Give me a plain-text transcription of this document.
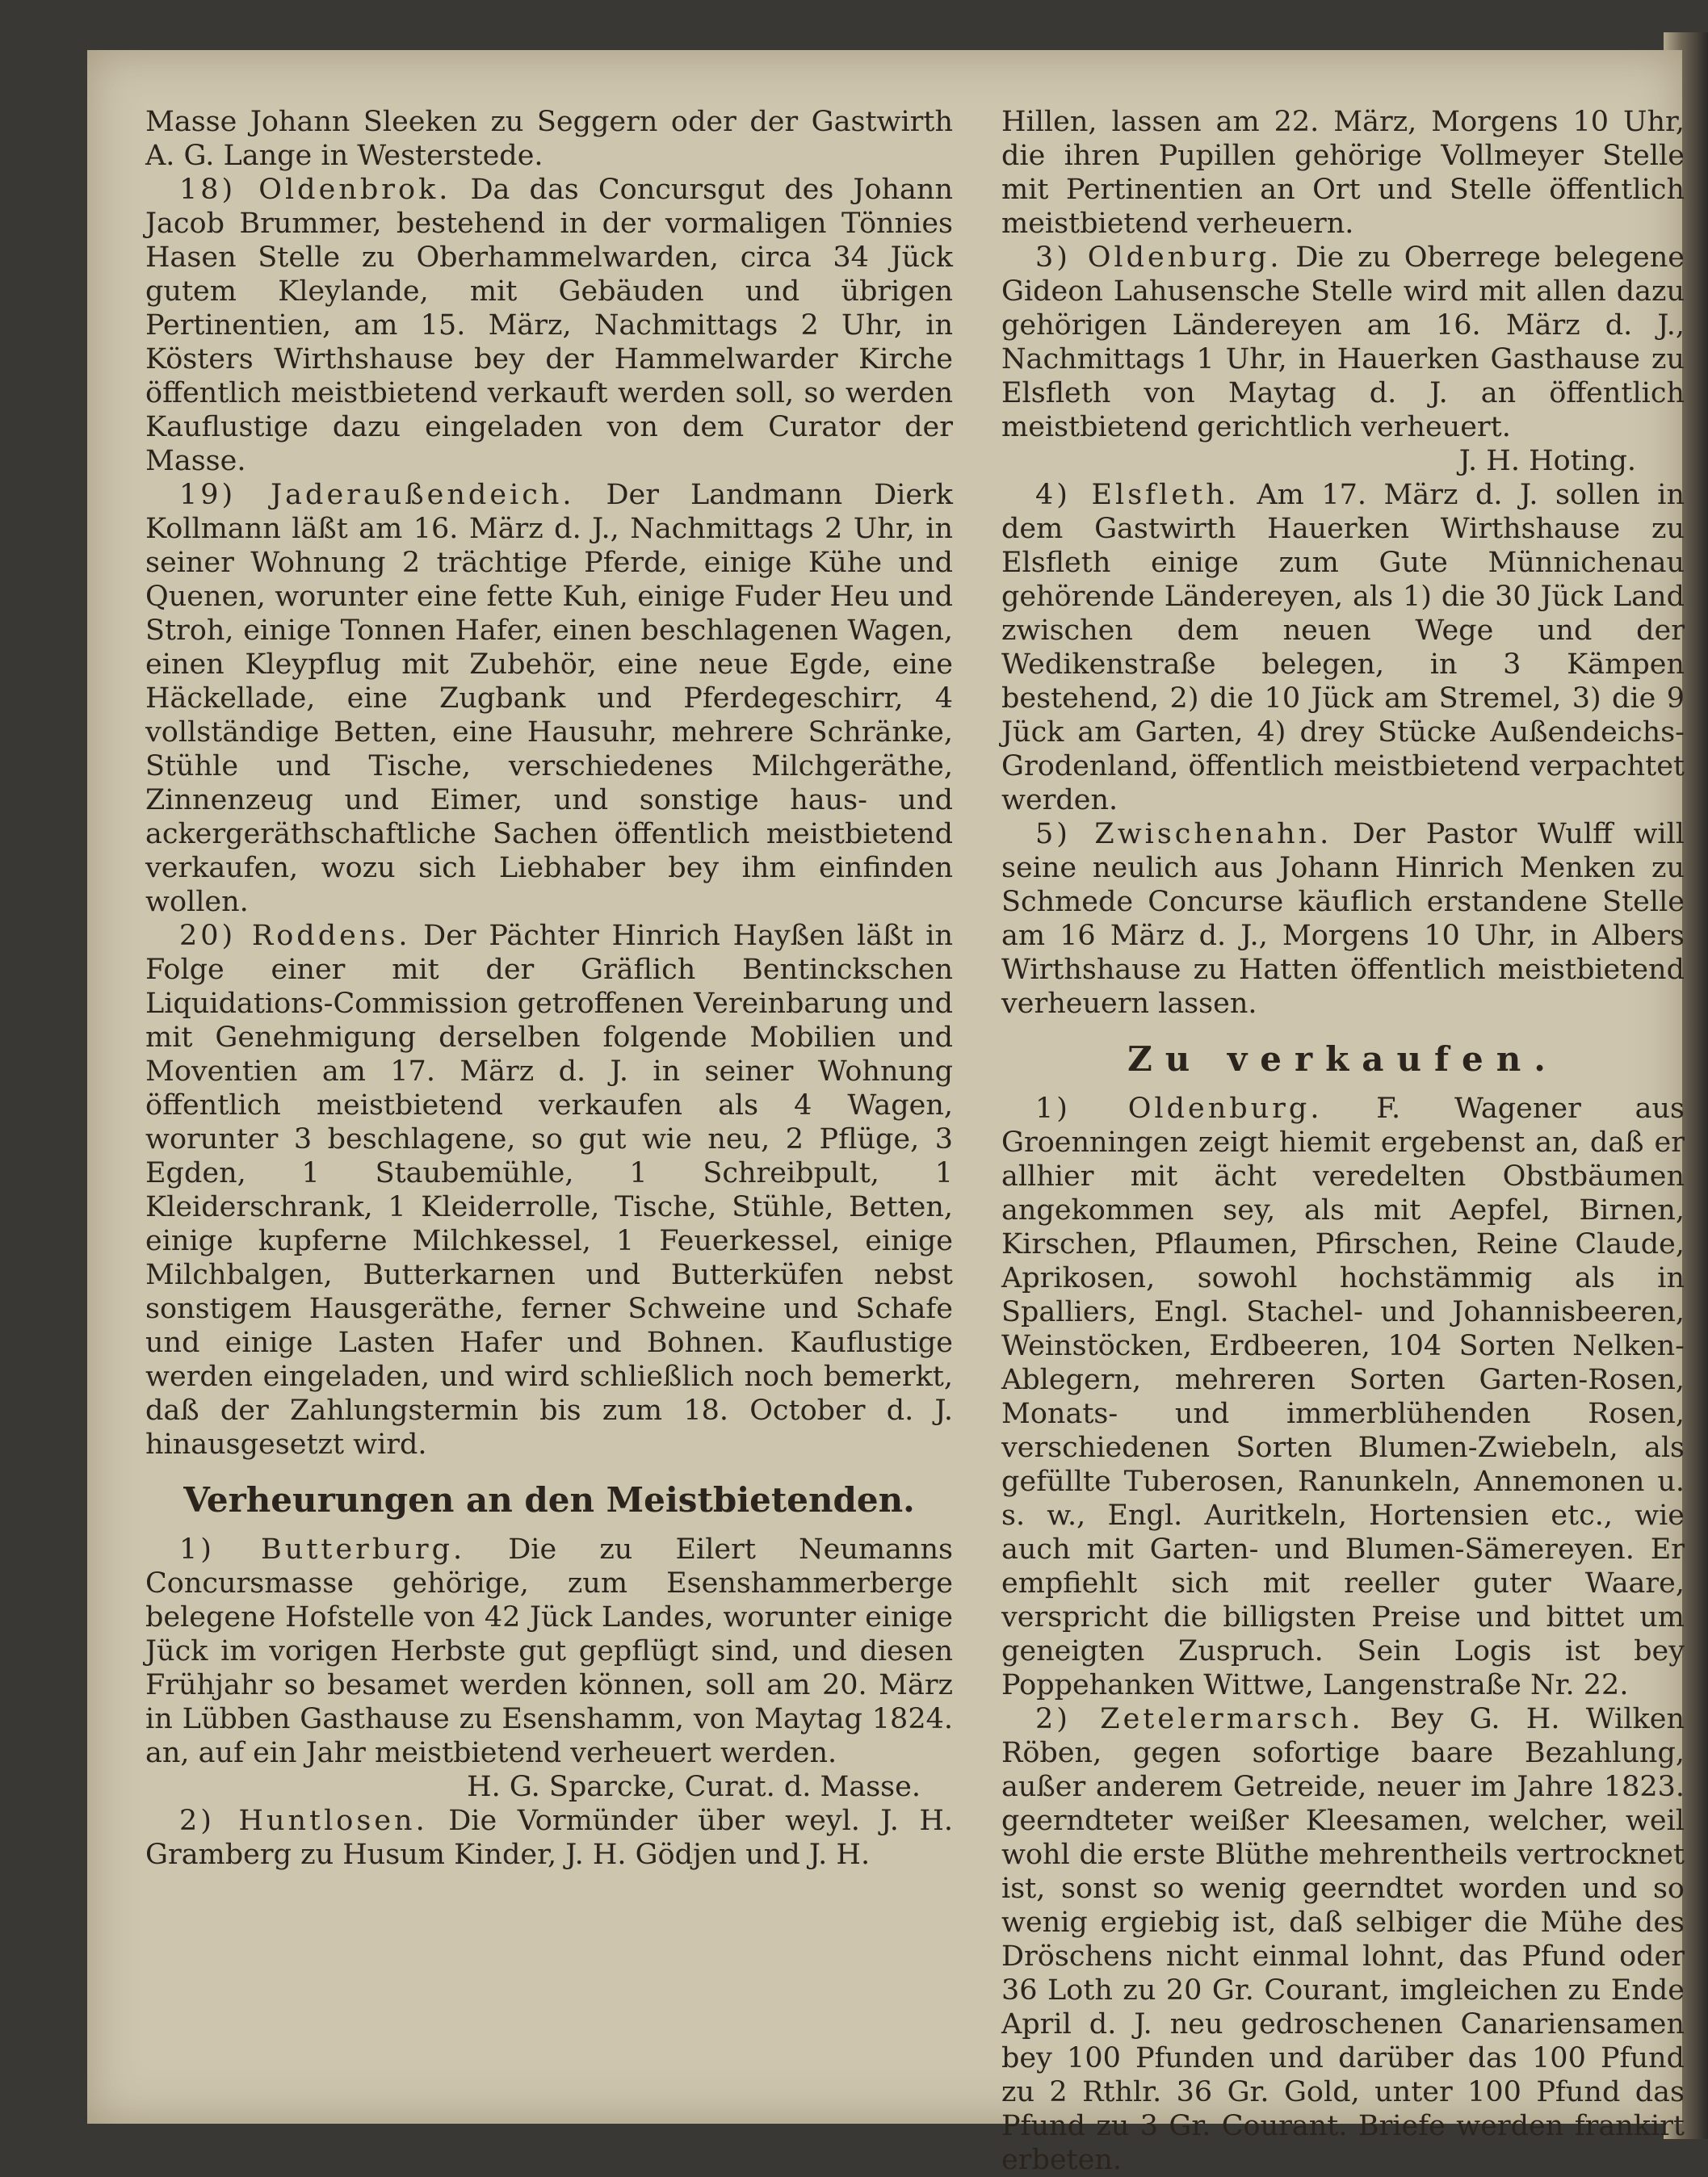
Masse Johann Sleeken zu Seggern oder der Gastwirth A. G. Lange in Westerstede.

18) Oldenbrok. Da das Concursgut des Johann Jacob Brummer, bestehend in der vormaligen Tönnies Hasen Stelle zu Oberhammelwarden, circa 34 Jück gutem Kleylande, mit Gebäuden und übrigen Pertinentien, am 15. März, Nachmittags 2 Uhr, in Kösters Wirthshause bey der Hammelwarder Kirche öffentlich meistbietend verkauft werden soll, so werden Kauflustige dazu eingeladen von dem Curator der Masse.

19) Jaderaußendeich. Der Landmann Dierk Kollmann läßt am 16. März d. J., Nachmittags 2 Uhr, in seiner Wohnung 2 trächtige Pferde, einige Kühe und Quenen, worunter eine fette Kuh, einige Fuder Heu und Stroh, einige Tonnen Hafer, einen beschlagenen Wagen, einen Kleypflug mit Zubehör, eine neue Egde, eine Häckellade, eine Zugbank und Pferdegeschirr, 4 vollständige Betten, eine Hausuhr, mehrere Schränke, Stühle und Tische, verschiedenes Milchgeräthe, Zinnenzeug und Eimer, und sonstige haus- und ackergeräthschaftliche Sachen öffentlich meistbietend verkaufen, wozu sich Liebhaber bey ihm einfinden wollen.

20) Roddens. Der Pächter Hinrich Hayßen läßt in Folge einer mit der Gräflich Bentinckschen Liquidations-Commission getroffenen Vereinbarung und mit Genehmigung derselben folgende Mobilien und Moventien am 17. März d. J. in seiner Wohnung öffentlich meistbietend verkaufen als 4 Wagen, worunter 3 beschlagene, so gut wie neu, 2 Pflüge, 3 Egden, 1 Staubemühle, 1 Schreibpult, 1 Kleiderschrank, 1 Kleiderrolle, Tische, Stühle, Betten, einige kupferne Milchkessel, 1 Feuerkessel, einige Milchbalgen, Butterkarnen und Butterküfen nebst sonstigem Hausgeräthe, ferner Schweine und Schafe und einige Lasten Hafer und Bohnen. Kauflustige werden eingeladen, und wird schließlich noch bemerkt, daß der Zahlungstermin bis zum 18. October d. J. hinausgesetzt wird.

Verheurungen an den Meistbietenden.

1) Butterburg. Die zu Eilert Neumanns Concursmasse gehörige, zum Esenshammerberge belegene Hofstelle von 42 Jück Landes, worunter einige Jück im vorigen Herbste gut gepflügt sind, und diesen Frühjahr so besamet werden können, soll am 20. März in Lübben Gasthause zu Esenshamm, von Maytag 1824. an, auf ein Jahr meistbietend verheuert werden.

H. G. Sparcke, Curat. d. Masse.

2) Huntlosen. Die Vormünder über weyl. J. H. Gramberg zu Husum Kinder, J. H. Gödjen und J. H.

Hillen, lassen am 22. März, Morgens 10 Uhr, die ihren Pupillen gehörige Vollmeyer Stelle mit Pertinentien an Ort und Stelle öffentlich meistbietend verheuern.

3) Oldenburg. Die zu Oberrege belegene Gideon Lahusensche Stelle wird mit allen dazu gehörigen Ländereyen am 16. März d. J., Nachmittags 1 Uhr, in Hauerken Gasthause zu Elsfleth von Maytag d. J. an öffentlich meistbietend gerichtlich verheuert.

J. H. Hoting.

4) Elsfleth. Am 17. März d. J. sollen in dem Gastwirth Hauerken Wirthshause zu Elsfleth einige zum Gute Münnichenau gehörende Ländereyen, als 1) die 30 Jück Land zwischen dem neuen Wege und der Wedikenstraße belegen, in 3 Kämpen bestehend, 2) die 10 Jück am Stremel, 3) die 9 Jück am Garten, 4) drey Stücke Außendeichs-Grodenland, öffentlich meistbietend verpachtet werden.

5) Zwischenahn. Der Pastor Wulff will seine neulich aus Johann Hinrich Menken zu Schmede Concurse käuflich erstandene Stelle am 16 März d. J., Morgens 10 Uhr, in Albers Wirthshause zu Hatten öffentlich meistbietend verheuern lassen.

Zu verkaufen.

1) Oldenburg. F. Wagener aus Groenningen zeigt hiemit ergebenst an, daß er allhier mit ächt veredelten Obstbäumen angekommen sey, als mit Aepfel, Birnen, Kirschen, Pflaumen, Pfirschen, Reine Claude, Aprikosen, sowohl hochstämmig als in Spalliers, Engl. Stachel- und Johannisbeeren, Weinstöcken, Erdbeeren, 104 Sorten Nelken-Ablegern, mehreren Sorten Garten-Rosen, Monats- und immerblühenden Rosen, verschiedenen Sorten Blumen-Zwiebeln, als gefüllte Tuberosen, Ranunkeln, Annemonen u. s. w., Engl. Auritkeln, Hortensien etc., wie auch mit Garten- und Blumen-Sämereyen. Er empfiehlt sich mit reeller guter Waare, verspricht die billigsten Preise und bittet um geneigten Zuspruch. Sein Logis ist bey Poppehanken Wittwe, Langenstraße Nr. 22.

2) Zetelermarsch. Bey G. H. Wilken Röben, gegen sofortige baare Bezahlung, außer anderem Getreide, neuer im Jahre 1823. geerndteter weißer Kleesamen, welcher, weil wohl die erste Blüthe mehrentheils vertrocknet ist, sonst so wenig geerndtet worden und so wenig ergiebig ist, daß selbiger die Mühe des Dröschens nicht einmal lohnt, das Pfund oder 36 Loth zu 20 Gr. Courant, imgleichen zu Ende April d. J. neu gedroschenen Canariensamen bey 100 Pfunden und darüber das 100 Pfund zu 2 Rthlr. 36 Gr. Gold, unter 100 Pfund das Pfund zu 3 Gr. Courant. Briefe werden frankirt erbeten.
